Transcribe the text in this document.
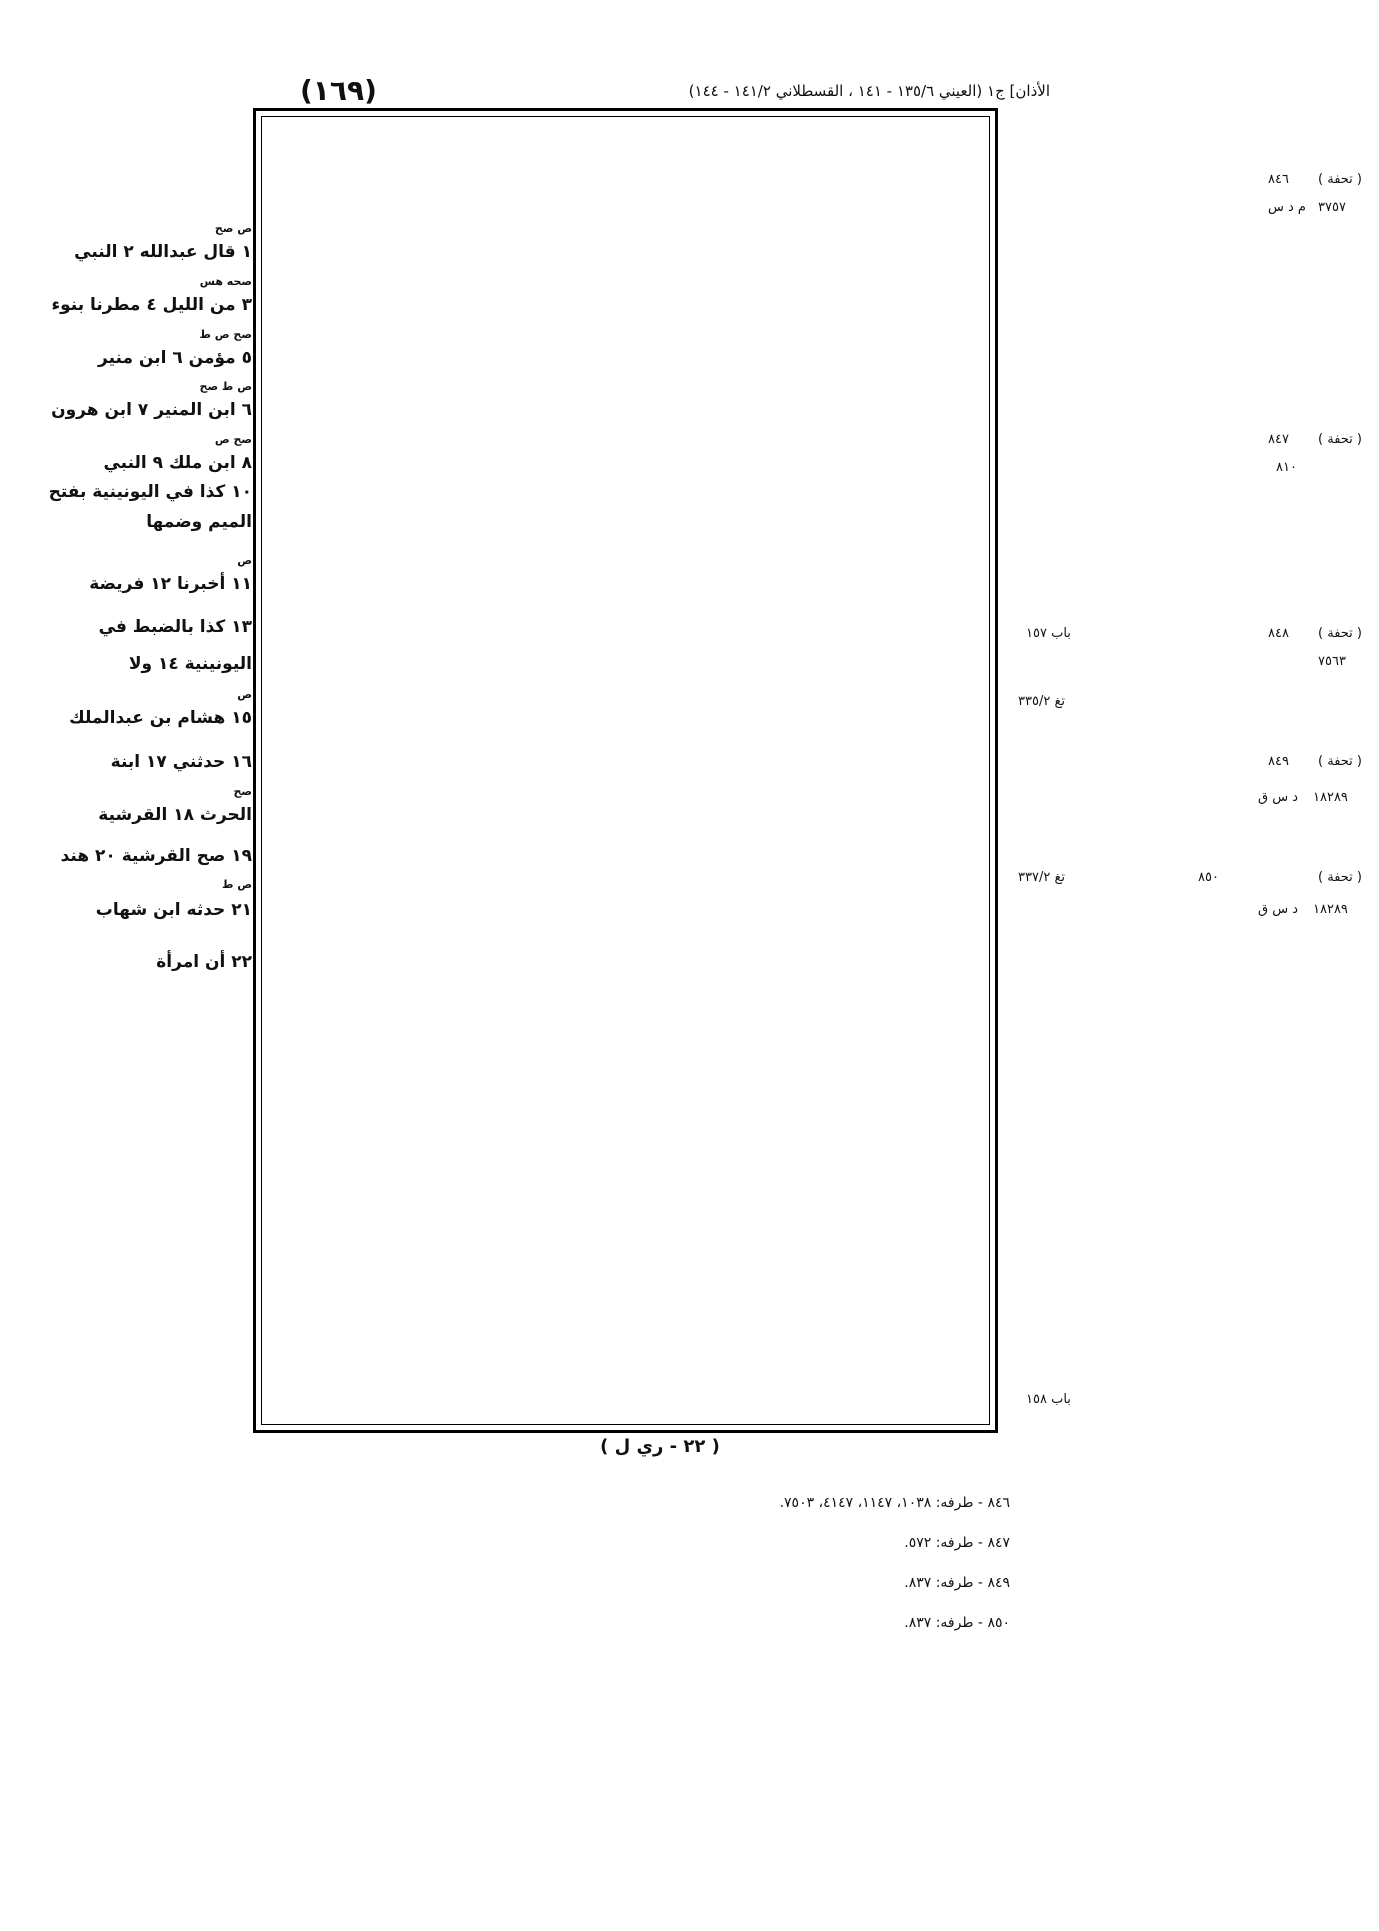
(١٦٩)	الأذان] ج١ (العيني ١٣٥/٦ - ١٤١ ، القسطلاني ١٤١/٢ - ١٤٤)
( ٢٢ - ري ل )
٨٤٦ ( تحفة )
م د س ٣٧٥٧
٨٤٧ ( تحفة )
٨١٠
باب ١٥٧	٨٤٨ ( تحفة )
٧٥٦٣
تغ ٣٣٥/٢
٨٤٩ ( تحفة )
د س ق ١٨٢٨٩
تغ ٣٣٧/٢	٨٥٠	( تحفة )
د س ق ١٨٢٨٩
باب ١٥٨
ص صح
١ قال عبدالله ٢ النبي
صحه هس
٣ من الليل ٤ مطرنا بنوء
صح ص ط
٥ مؤمن ٦ ابن منير
ص ط صح
٦ ابن المنير ٧ ابن هرون
صح ص
٨ ابن ملك ٩ النبي
١٠ كذا في اليونينية بفتح
الميم وضمها
ص
١١ أخبرنا ١٢ فريضة
١٣ كذا بالضبط في
اليونينية ١٤ ولا
ص
١٥ هشام بن عبدالملك
١٦ حدثني ١٧ ابنة
صح
الحرث ١٨ القرشية
١٩ صح القرشية ٢٠ هند
ص ط
٢١ حدثه ابن شهاب
٢٢ أن امرأة
٨٤٦ - طرفه: ١٠٣٨، ١١٤٧، ٤١٤٧، ٧٥٠٣.
٨٤٧ - طرفه: ٥٧٢.
٨٤٩ - طرفه: ٨٣٧.
٨٥٠ - طرفه: ٨٣٧.
